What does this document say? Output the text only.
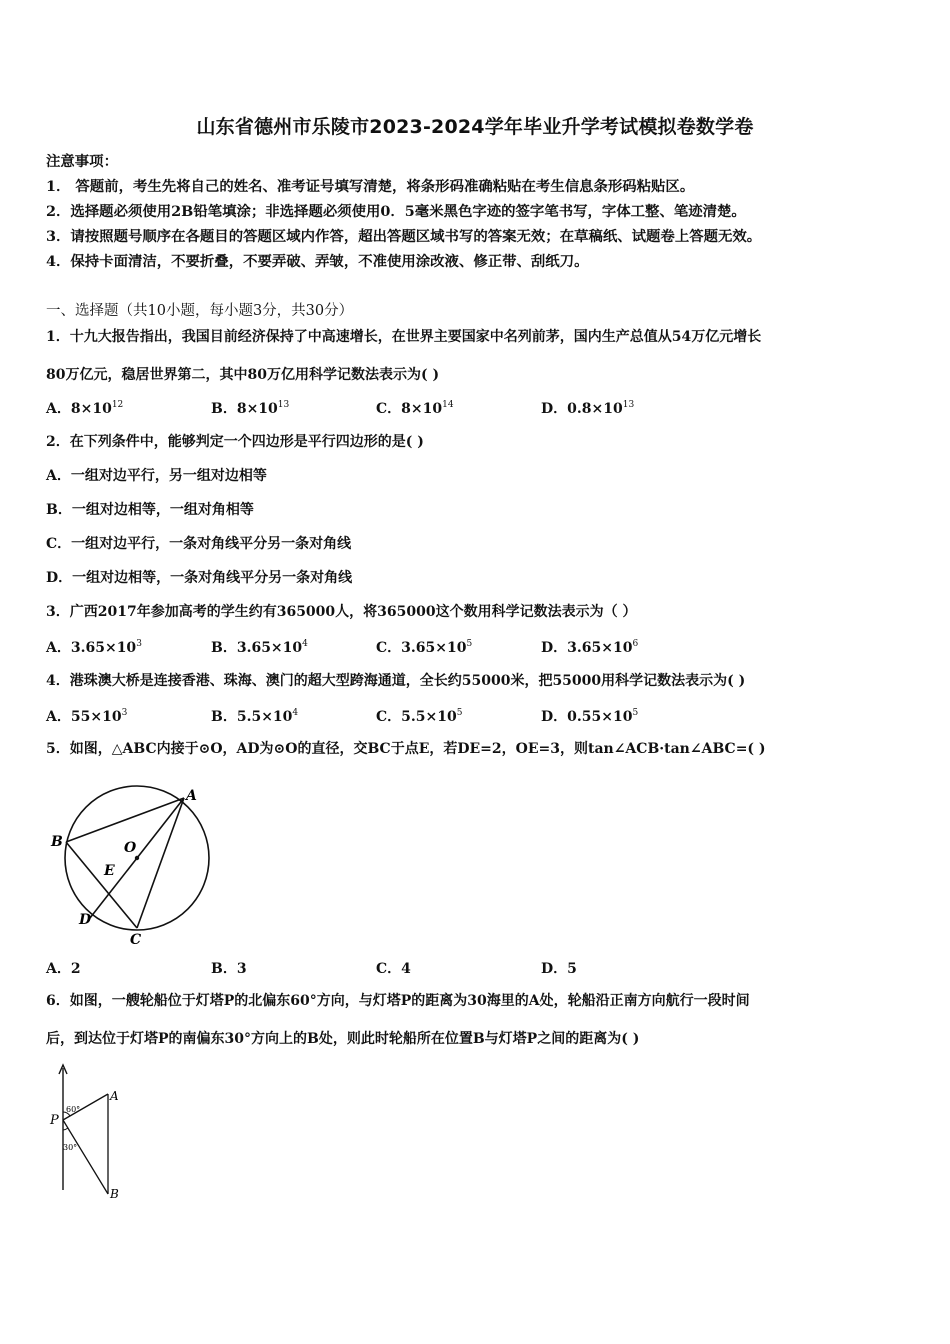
山东省德州市乐陵市2023-2024学年毕业升学考试模拟卷数学卷
注意事项：
1． 答题前，考生先将自己的姓名、准考证号填写清楚，将条形码准确粘贴在考生信息条形码粘贴区。
2．选择题必须使用2B铅笔填涂；非选择题必须使用0．5毫米黑色字迹的签字笔书写，字体工整、笔迹清楚。
3．请按照题号顺序在各题目的答题区域内作答，超出答题区域书写的答案无效；在草稿纸、试题卷上答题无效。
4．保持卡面清洁，不要折叠，不要弄破、弄皱，不准使用涂改液、修正带、刮纸刀。
一、选择题（共10小题，每小题3分，共30分）
1．十九大报告指出，我国目前经济保持了中高速增长，在世界主要国家中名列前茅，国内生产总值从54万亿元增长
80万亿元，稳居世界第二，其中80万亿用科学记数法表示为( )
A．$8\times 10^{12}$	B．$8\times 10^{13}$	C．$8\times 10^{14}$	D．$0.8\times 10^{13}$
2．在下列条件中，能够判定一个四边形是平行四边形的是( )
A．一组对边平行，另一组对边相等
B．一组对边相等，一组对角相等
C．一组对边平行，一条对角线平分另一条对角线
D．一组对边相等，一条对角线平分另一条对角线
3．广西2017年参加高考的学生约有365000人，将365000这个数用科学记数法表示为（ ）
A．$3.65\times 10^3$	B．$3.65\times 10^4$	C．$3.65\times 10^5$	D．$3.65\times 10^6$
4．港珠澳大桥是连接香港、珠海、澳门的超大型跨海通道，全长约55000米，把55000用科学记数法表示为( )
A．$55\times 10^3$	B．$5.5\times 10^4$	C．$5.5\times 10^5$	D．$0.55\times 10^5$
5．如图，△ABC内接于⊙O，AD为⊙O的直径，交BC于点E，若DE=2，OE=3，则tan∠ACB·tan∠ABC=( )
A
B
C
D
E
O
A．2	B．3	C．4	D．5
6．如图，一艘轮船位于灯塔P的北偏东60°方向，与灯塔P的距离为30海里的A处，轮船沿正南方向航行一段时间
后，到达位于灯塔P的南偏东30°方向上的B处，则此时轮船所在位置B与灯塔P之间的距离为( )
P
A
B
60°
30°
